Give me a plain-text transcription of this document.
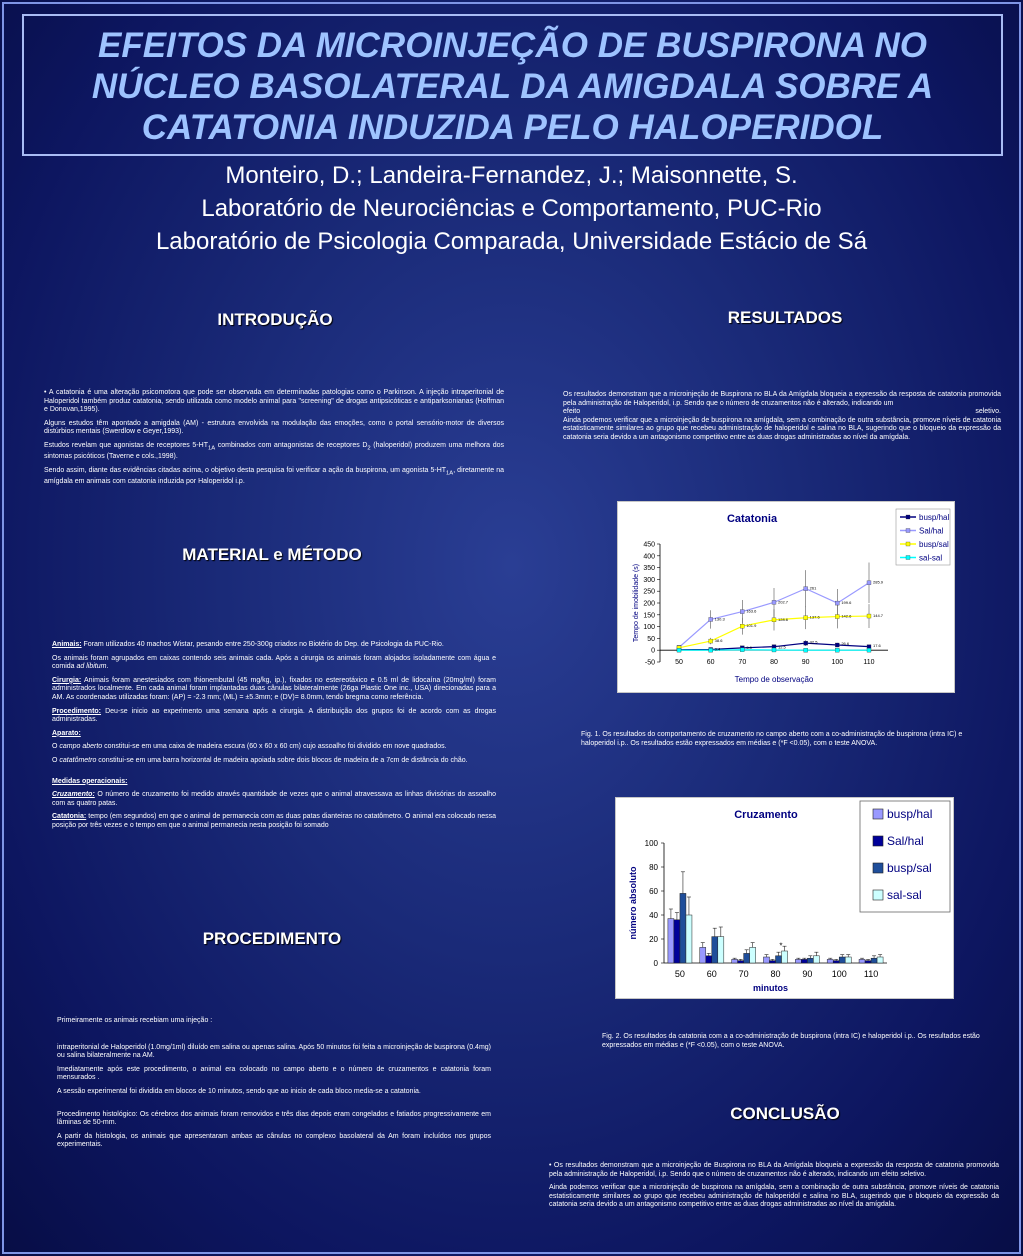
EFEITOS DA MICROINJEÇÃO DE BUSPIRONA NO
NÚCLEO BASOLATERAL DA AMIGDALA SOBRE A
CATATONIA INDUZIDA PELO HALOPERIDOL
Monteiro, D.; Landeira-Fernandez, J.; Maisonnette, S.
Laboratório de Neurociências e Comportamento, PUC-Rio
Laboratório de Psicologia Comparada, Universidade Estácio de Sá
INTRODUÇÃO

• A catatonia é uma alteração psicomotora que pode ser observada em determinadas patologias como o Parkinson. A injeção intraperitonial de Haloperidol também produz catatonia, sendo utilizada como modelo animal para "screening" de drogas antipsicóticas e antiparksonianas (Hoffman e Donovan,1995).

Alguns estudos têm apontado a amigdala (AM) - estrutura envolvida na modulação das emoções, como o portal sensório-motor de diversos distúrbios mentais (Swerdlow e Geyer,1993).

Estudos revelam que agonistas de receptores $5-HT_{1A}$ combinados com antagonistas de receptores $D_2$ (haloperidol) produzem uma melhora dos sintomas psicóticos (Taverne e cols.,1998).

Sendo assim, diante das evidências citadas acima, o objetivo desta pesquisa foi verificar a ação da buspirona, um agonista $5-HT_{1A}$, diretamente na amígdala em animais com catatonia induzida por Haloperidol i.p.

MATERIAL e MÉTODO

Animais: Foram utilizados 40 machos Wistar, pesando entre 250-300g criados no Biotério do Dep. de Psicologia da PUC-Rio.

Os animais foram agrupados em caixas contendo seis animais cada. Após a cirurgia os animais foram alojados isoladamente com água e comida ad libitum.

Cirurgia: Animais foram anestesiados com thionembutal (45 mg/kg, ip.), fixados no estereotáxico e 0.5 ml de lidocaína (20mg/ml) foram administrados localmente. Em cada animal foram implantadas duas cânulas bilateralmente (26ga Plastic One inc., USA) direcionadas para a AM. As coordenadas utilizadas foram: (AP) = -2.3 mm; (ML) = ±5.3mm; e (DV)= 8.0mm, tendo bregma como referência.

Procedimento: Deu-se inicio ao experimento uma semana após a cirurgia. A distribuição dos grupos foi de acordo com as drogas administradas.

Aparato:

O campo aberto constitui-se em uma caixa de madeira escura (60 x 60 x 60 cm) cujo assoalho foi dividido em nove quadrados.

O catatômetro constitui-se em uma barra horizontal de madeira apoiada sobre dois blocos de madeira de a 7cm de distância do chão.

Medidas operacionais:

Cruzamento: O número de cruzamento foi medido através quantidade de vezes que o animal atravessava as linhas divisórias do assoalho com as quatro patas.

Catatonia: tempo (em segundos) em que o animal de permanecia com as duas patas dianteiras no catatômetro. O animal era colocado nessa posição por três vezes e o tempo em que o animal permanecia nesta posição foi somado

PROCEDIMENTO

Primeiramente os animais recebiam uma injeção :

intraperitonial de Haloperidol (1.0mg/1ml) diluído em salina ou apenas salina. Após 50 minutos foi feita a microinjeção de buspirona (0.4mg) ou salina bilateralmente na AM.

Imediatamente após este procedimento, o animal era colocado no campo aberto e o número de cruzamentos e catatonia foram mensurados .

A sessão experimental foi dividida em blocos de 10 minutos, sendo que ao inicio de cada bloco media-se a catatonia.

Procedimento histológico: Os cérebros dos animais foram removidos e três dias depois eram congelados e fatiados progressivamente em lâminas de 50-mm.

A partir da histologia, os animais que apresentaram ambas as cânulas no complexo basolateral da Am foram incluídos nos grupos experimentais.

RESULTADOS

Os resultados demonstram que a microinjeção de Buspirona no BLA da Amígdala bloqueia a expressão da resposta de catatonia promovida pela administração de Haloperidol, i.p. Sendo que o número de cruzamentos não é alterado, indicando um

efeito	seletivo.

Ainda podemos verificar que a microinjeção de buspirona na amígdala, sem a combinação de outra substância, promove níveis de catatonia estatisticamente similares ao grupo que recebeu administração de haloperidol e salina no BLA, sugerindo que o bloqueio da expressão da catatonia seria devido a um antagonismo competitivo entre as duas drogas administradas ao nível da amígdala.

Catatonia
-50
0
50
100
150
200
250
300
350
400
450
50	60	70	80	90	100	110
Tempo de observação
Tempo de imobilidade (s)	130.3
163.6
202.7
261
199.6
285.9
38.6
101.9
128.6	137.6	142.6	144.7
32.5	26.6	17.6
12.5
3.4	9.9
busp/hal
Sal/hal
busp/sal
sal-sal
Fig. 1. Os resultados do comportamento de cruzamento no campo aberto com a co-administração de buspirona (intra IC) e haloperidol i.p.. Os resultados estão expressados em médias e (*F <0.05), com o teste ANOVA.
Cruzamento
0
20
40
60
80
100
50 60 70 80 90 100 110
minutos
número absoluto
*
busp/hal
Sal/hal
busp/sal
sal-sal
Fig. 2. Os resultados da catatonia com a a co-administração de buspirona (intra IC) e haloperidol i.p.. Os resultados estão expressados em médias e (*F <0.05), com o teste ANOVA.
CONCLUSÃO

• Os resultados demonstram que a microinjeção de Buspirona no BLA da Amígdala bloqueia a expressão da resposta de catatonia promovida pela administração de Haloperidol, i.p. Sendo que o número de cruzamentos não é alterado, indicando um efeito seletivo.

Ainda podemos verificar que a microinjeção de buspirona na amígdala, sem a combinação de outra substância, promove níveis de catatonia estatisticamente similares ao grupo que recebeu administração de haloperidol e salina no BLA, sugerindo que o bloqueio da expressão da catatonia seria devido a um antagonismo competitivo entre as duas drogas administradas ao nível da amígdala.
